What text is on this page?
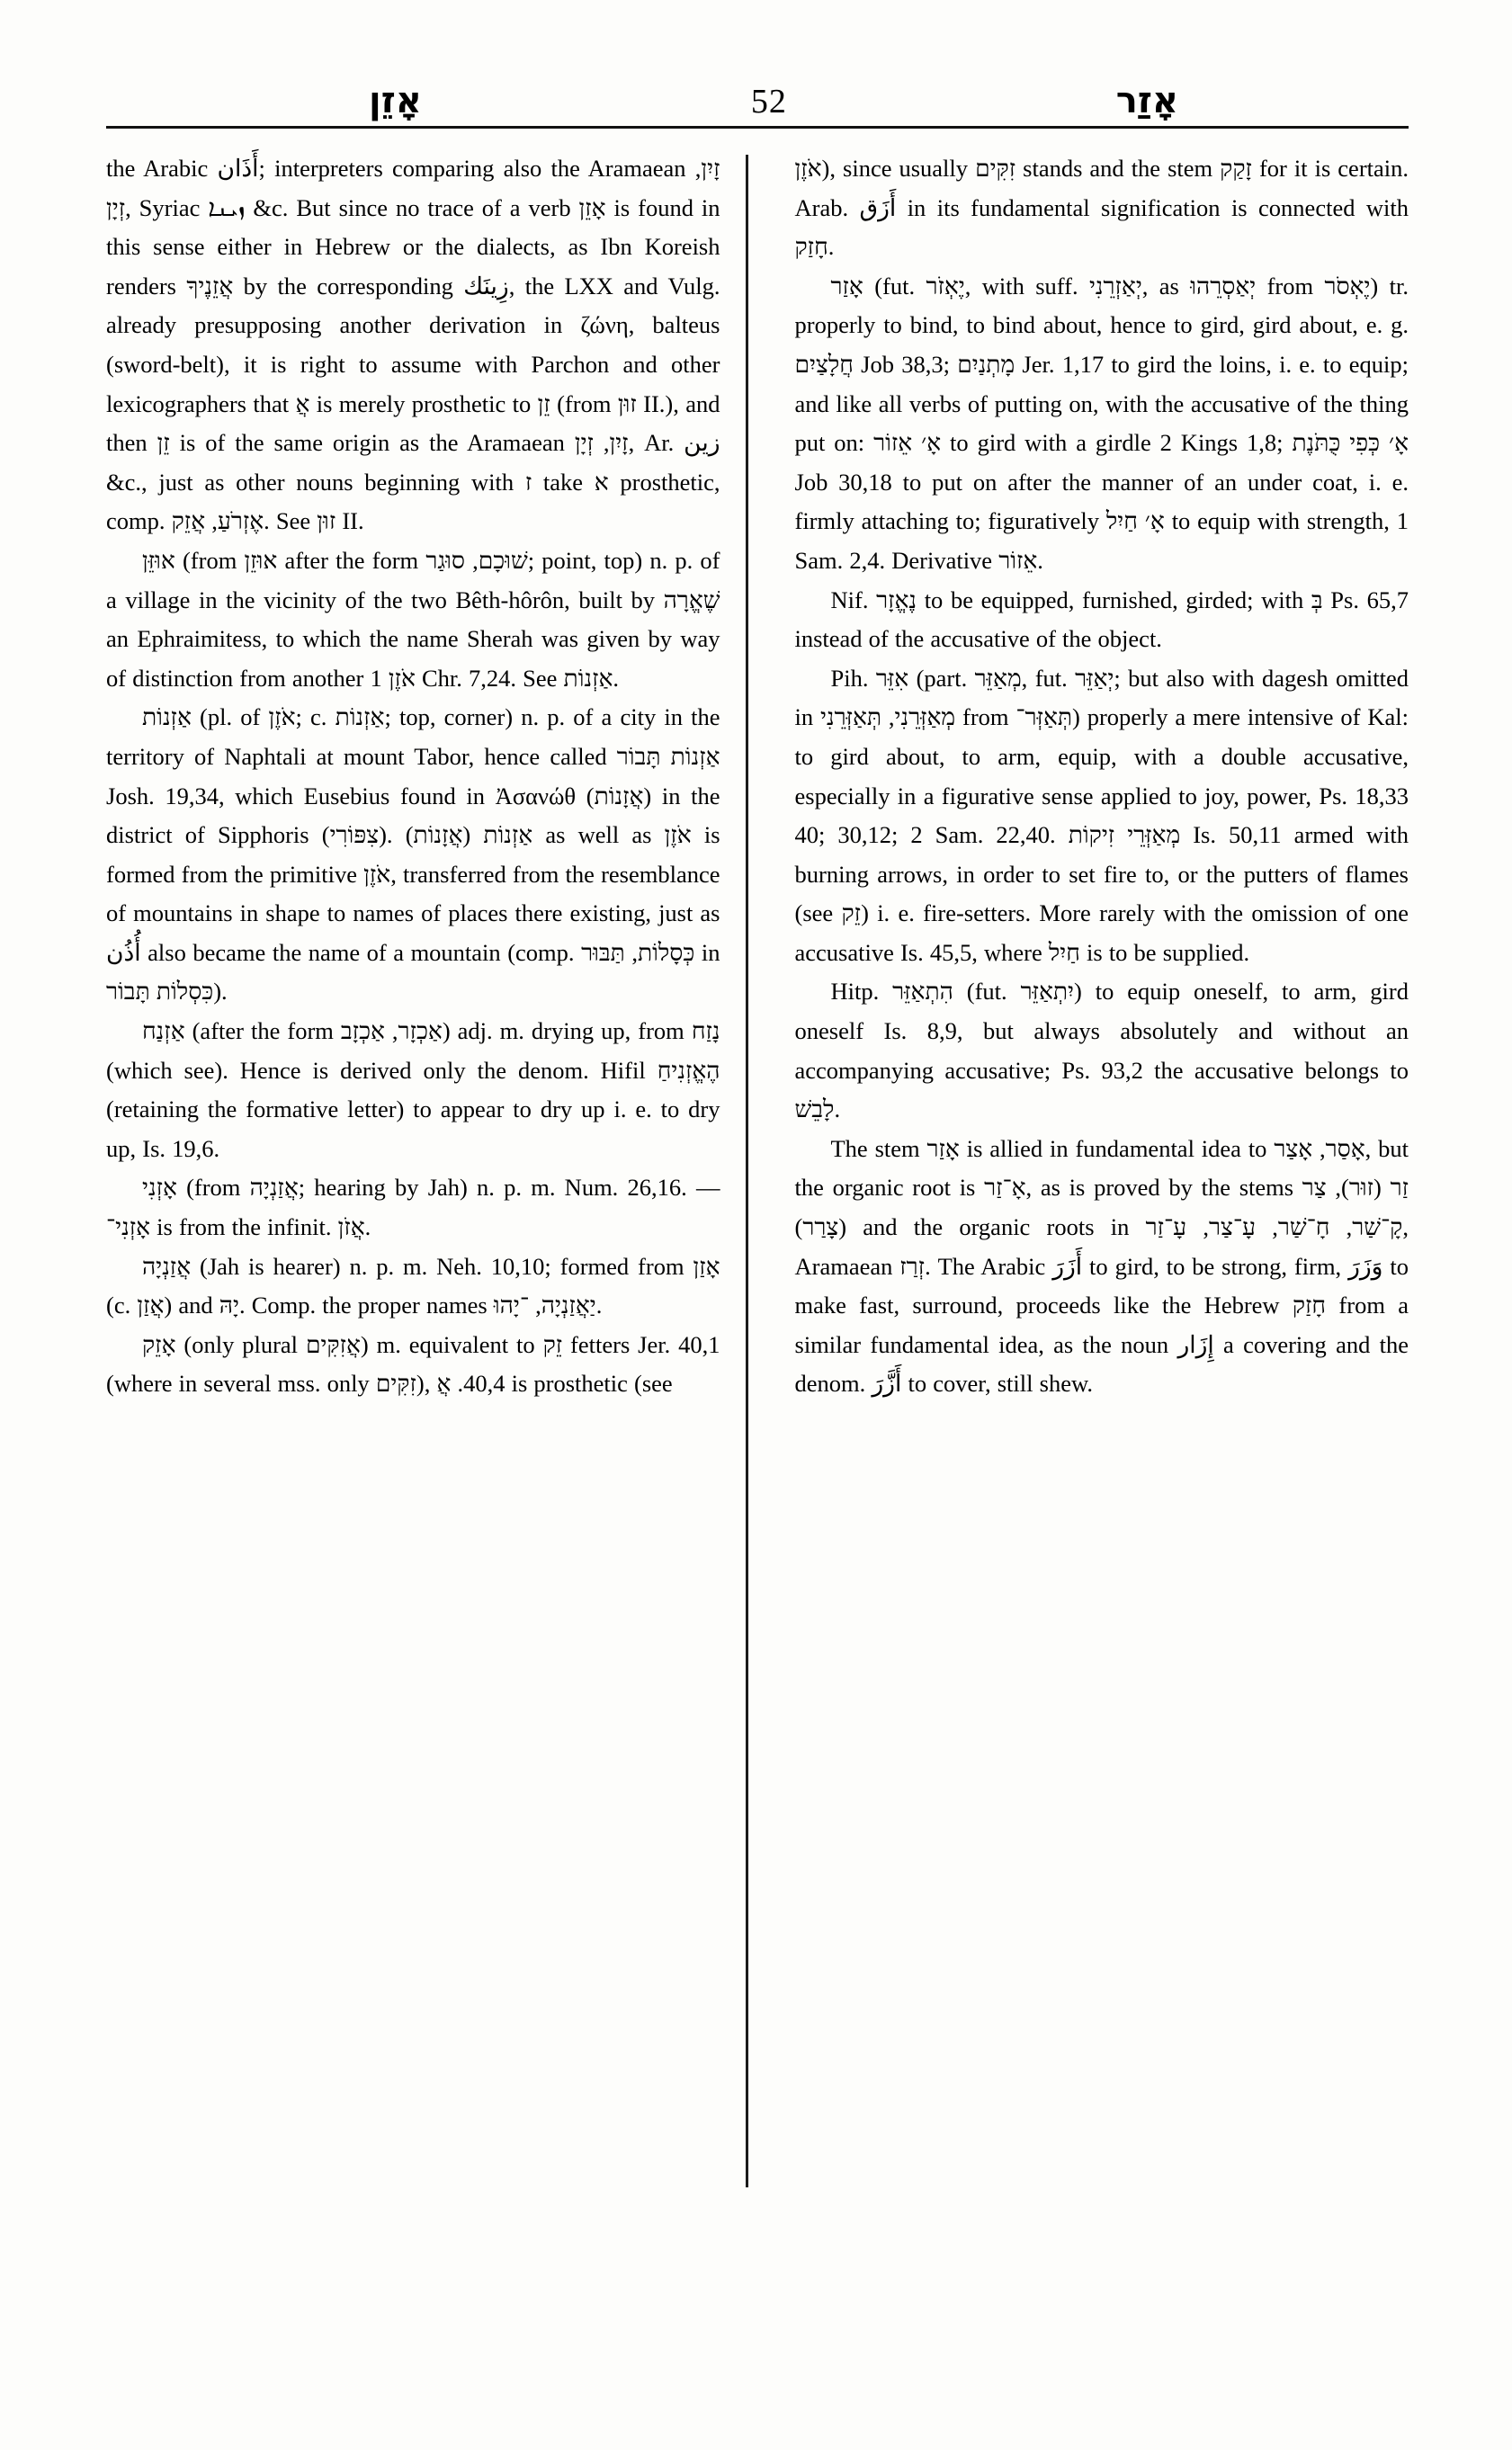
אָזֵן	52	אָזַר

the Arabic أَذَان; interpreters comparing also the Aramaean זָיִן, זְיָן, Syriac ܙܝܢܐ &c. But since no trace of a verb אָזֵן is found in this sense either in Hebrew or the dialects, as Ibn Koreish renders אֲזֵנֶיךָ by the corresponding زِينَك, the LXX and Vulg. already presupposing another derivation in ζώνη, balteus (sword-belt), it is right to assume with Parchon and other lexicographers that אֲ is merely prosthetic to זֵן (from זוּן II.), and then זֵן is of the same origin as the Aramaean זָיִן, זְיָן, Ar. زين &c., just as other nouns beginning with ז take א prosthetic, comp. אֶזְרֹעַ, אֲזֵק. See זוּן II.

אוּזֵּן (from אוּזֵן after the form שׁוּכָם, סוּגַר; point, top) n. p. of a village in the vicinity of the two Bêth-hôrôn, built by שֶׁאֱרָה an Ephraimitess, to which the name Sherah was given by way of distinction from another אֹזֶן 1 Chr. 7,24. See אַזְנוֹת.

אַזְנוֹת (pl. of אֹזֶן; c. אַזְנוֹת; top, corner) n. p. of a city in the territory of Naphtali at mount Tabor, hence called אַזְנוֹת תָּבוֹר Josh. 19,34, which Eusebius found in Ἀσανώθ (אֲזָנוֹת) in the district of Sipphoris (צִפּוֹרִי). אַזְנוֹת (אֲזָנוֹת) as well as אֹזֶן is formed from the primitive אֹזֶן, transferred from the resemblance of mountains in shape to names of places there existing, just as أُذُن also became the name of a mountain (comp. כְּסָלוֹת, תַּבּוּר in כִּסְלוֹת תָּבוֹר).

אַזְנַח (after the form אַכְזָר, אַכְזָב) adj. m. drying up, from נָזַח (which see). Hence is derived only the denom. Hifil הֶאֱזְנִיחַ (retaining the formative letter) to appear to dry up i. e. to dry up, Is. 19,6.

אָזְנִי (from אֲזַנְיָה; hearing by Jah) n. p. m. Num. 26,16. — אָזְנִי־ is from the infinit. אֲזֹן.

אֲזַנְיָה (Jah is hearer) n. p. m. Neh. 10,10; formed from אָזַן (c. אֲזַן) and יָהּ. Comp. the proper names יַאֲזַנְיָה, ־יָהוּ.

אָזֵק (only plural אֲזִקִּים) m. equivalent to זֵק fetters Jer. 40,1 (where in several mss. only זִקִּים), 40,4. אֲ is prosthetic (see

אֹזֶן), since usually זִקִּים stands and the stem זָקַק for it is certain. Arab. أَزَق in its fundamental signification is connected with חָזַק.

אָזַר (fut. יֶאְזֹר, with suff. יְאַזְרֵנִי, as יְאַסְרֵהוּ from יֶאְסֹר) tr. properly to bind, to bind about, hence to gird, gird about, e. g. חֲלָצַיִם Job 38,3; מָתְנַיִם Jer. 1,17 to gird the loins, i. e. to equip; and like all verbs of putting on, with the accusative of the thing put on: אָ׳ אֵזוֹר to gird with a girdle 2 Kings 1,8; אָ׳ כְּפִי כֻּתֹּנֶת Job 30,18 to put on after the manner of an under coat, i. e. firmly attaching to; figuratively אָ׳ חַיִל to equip with strength, 1 Sam. 2,4. Derivative אֵזוֹר.

Nif. נֶאֱזָר to be equipped, furnished, girded; with בְּ Ps. 65,7 instead of the accusative of the object.

Pih. אִזֵּר (part. מְאַזֵּר, fut. יְאַזֵּר; but also with dagesh omitted in מְאַזְּרֵנִי, תְּאַזְּרֵנִי from תְּאַזְּר־) properly a mere intensive of Kal: to gird about, to arm, equip, with a double accusative, especially in a figurative sense applied to joy, power, Ps. 18,33 40; 30,12; 2 Sam. 22,40. מְאַזְּרֵי זִיקוֹת Is. 50,11 armed with burning arrows, in order to set fire to, or the putters of flames (see זֵק) i. e. fire-setters. More rarely with the omission of one accusative Is. 45,5, where חַיִל is to be supplied.

Hitp. הִתְאַזֵּר (fut. יִתְאַזֵּר) to equip oneself, to arm, gird oneself Is. 8,9, but always absolutely and without an accompanying accusative; Ps. 93,2 the accusative belongs to לָבֵשׁ.

The stem אָזַר is allied in fundamental idea to אָסַר, אָצַר, but the organic root is אָ־זַר, as is proved by the stems זַר (זוּר), צַר (צָרַר) and the organic roots in קָ־שַׁר, חָ־שַׁר, עָ־צַר, עָ־זַר, Aramaean זְרַז. The Arabic أَزَرَ to gird, to be strong, firm, وَزَرَ to make fast, surround, proceeds like the Hebrew חָזַק from a similar fundamental idea, as the noun إِزَار a covering and the denom. أَزَّرَ to cover, still shew.
